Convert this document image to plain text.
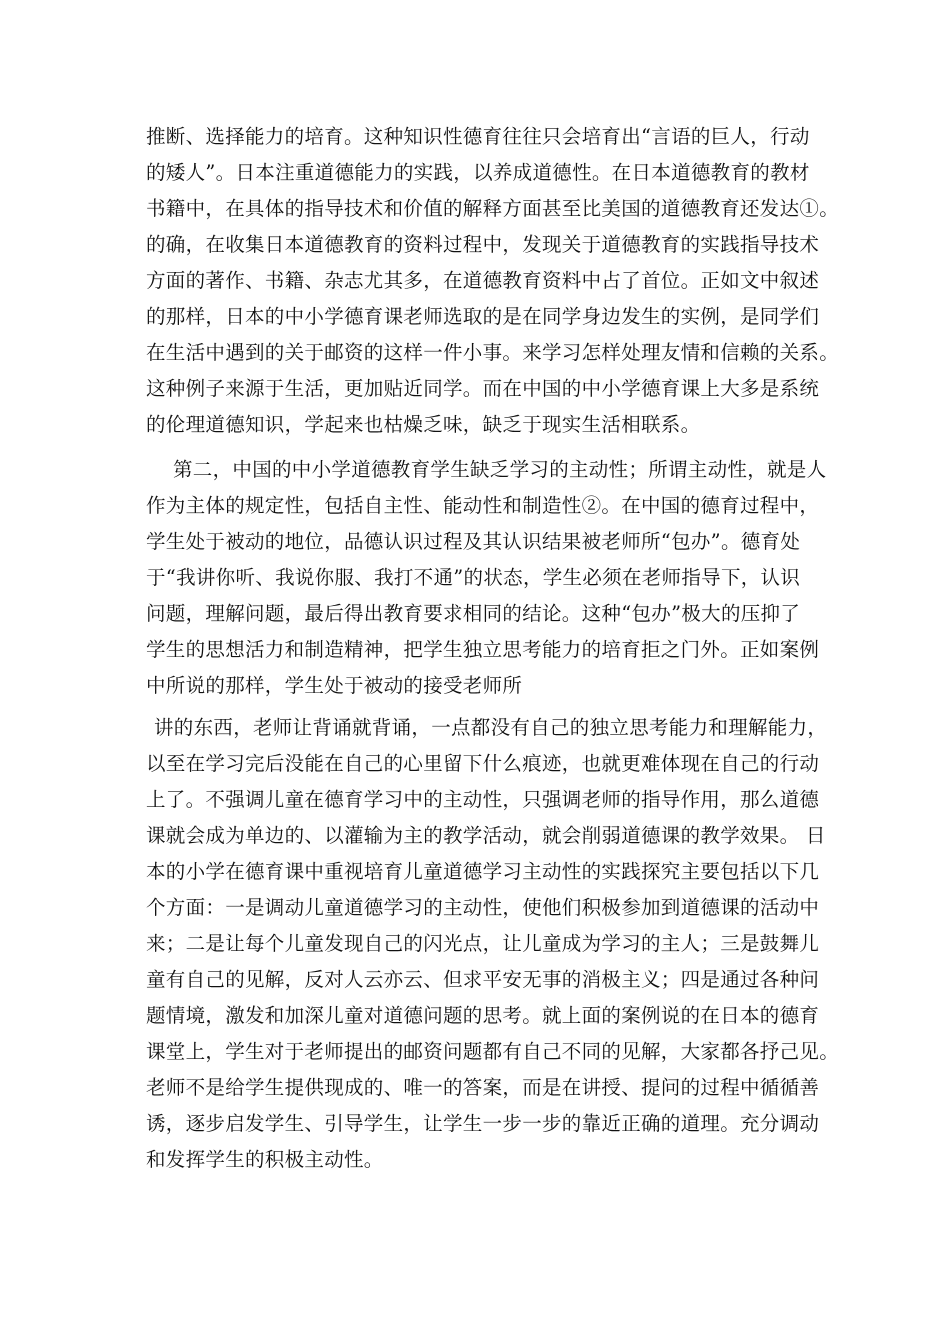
推断、选择能力的培育。这种知识性德育往往只会培育出“言语的巨人，行动
的矮人”。日本注重道德能力的实践，以养成道德性。在日本道德教育的教材
书籍中，在具体的指导技术和价值的解释方面甚至比美国的道德教育还发达①。
的确，在收集日本道德教育的资料过程中，发现关于道德教育的实践指导技术
方面的著作、书籍、杂志尤其多，在道德教育资料中占了首位。正如文中叙述
的那样，日本的中小学德育课老师选取的是在同学身边发生的实例，是同学们
在生活中遇到的关于邮资的这样一件小事。来学习怎样处理友情和信赖的关系。
这种例子来源于生活，更加贴近同学。而在中国的中小学德育课上大多是系统
的伦理道德知识，学起来也枯燥乏味，缺乏于现实生活相联系。
第二，中国的中小学道德教育学生缺乏学习的主动性；所谓主动性，就是人
作为主体的规定性，包括自主性、能动性和制造性②。在中国的德育过程中，
学生处于被动的地位，品德认识过程及其认识结果被老师所“包办”。德育处
于“我讲你听、我说你服、我打不通”的状态，学生必须在老师指导下，认识
问题，理解问题，最后得出教育要求相同的结论。这种“包办”极大的压抑了
学生的思想活力和制造精神，把学生独立思考能力的培育拒之门外。正如案例
中所说的那样，学生处于被动的接受老师所
讲的东西，老师让背诵就背诵，一点都没有自己的独立思考能力和理解能力，
以至在学习完后没能在自己的心里留下什么痕迹，也就更难体现在自己的行动
上了。不强调儿童在德育学习中的主动性，只强调老师的指导作用，那么道德
课就会成为单边的、以灌输为主的教学活动，就会削弱道德课的教学效果。 日
本的小学在德育课中重视培育儿童道德学习主动性的实践探究主要包括以下几
个方面：一是调动儿童道德学习的主动性，使他们积极参加到道德课的活动中
来；二是让每个儿童发现自己的闪光点，让儿童成为学习的主人；三是鼓舞儿
童有自己的见解，反对人云亦云、但求平安无事的消极主义；四是通过各种问
题情境，激发和加深儿童对道德问题的思考。就上面的案例说的在日本的德育
课堂上，学生对于老师提出的邮资问题都有自己不同的见解，大家都各抒己见。
老师不是给学生提供现成的、唯一的答案，而是在讲授、提问的过程中循循善
诱，逐步启发学生、引导学生，让学生一步一步的靠近正确的道理。充分调动
和发挥学生的积极主动性。
